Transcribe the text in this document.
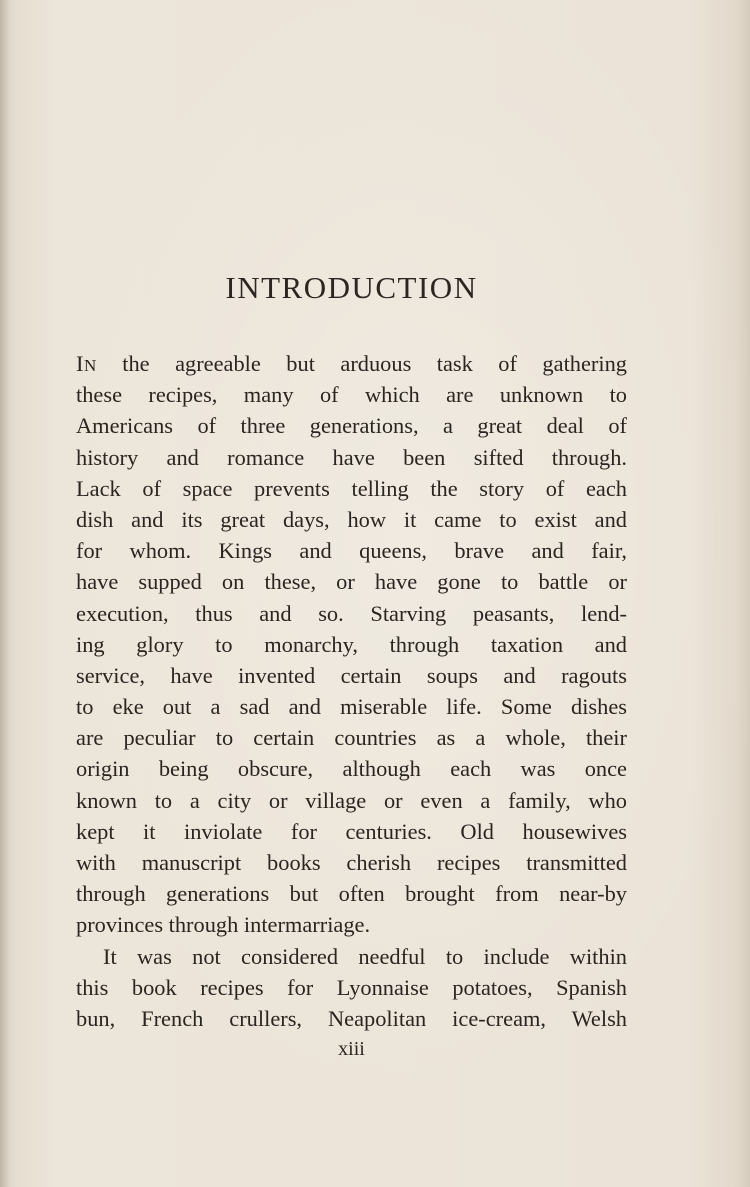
INTRODUCTION
IN the agreeable but arduous task of gathering
these recipes, many of which are unknown to
Americans of three generations, a great deal of
history and romance have been sifted through.
Lack of space prevents telling the story of each
dish and its great days, how it came to exist and
for whom. Kings and queens, brave and fair,
have supped on these, or have gone to battle or
execution, thus and so. Starving peasants, lend-
ing glory to monarchy, through taxation and
service, have invented certain soups and ragouts
to eke out a sad and miserable life. Some dishes
are peculiar to certain countries as a whole, their
origin being obscure, although each was once
known to a city or village or even a family, who
kept it inviolate for centuries. Old housewives
with manuscript books cherish recipes transmitted
through generations but often brought from near-by
provinces through intermarriage.
It was not considered needful to include within
this book recipes for Lyonnaise potatoes, Spanish
bun, French crullers, Neapolitan ice-cream, Welsh
xiii
